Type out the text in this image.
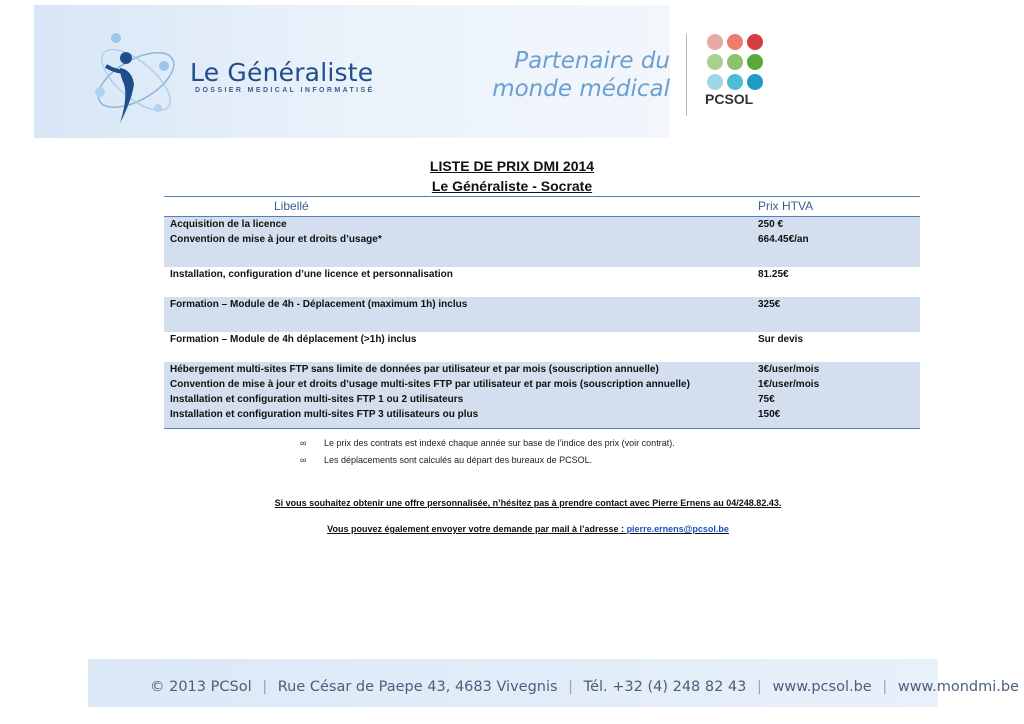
Le Généraliste
DOSSIER MEDICAL INFORMATISÉ
Partenaire du
monde médical	PCSOL
LISTE DE PRIX DMI 2014
Le Généraliste - Socrate
Libellé	Prix HTVA
Acquisition de la licence	250 €
Convention de mise à jour et droits d’usage*	664.45€/an
Installation, configuration d’une licence et personnalisation	81.25€
Formation – Module de 4h - Déplacement (maximum 1h) inclus	325€
Formation – Module de 4h déplacement (>1h) inclus	Sur devis
Hébergement multi-sites FTP sans limite de données par utilisateur et par mois (souscription annuelle)	3€/user/mois
Convention de mise à jour et droits d’usage multi-sites FTP par utilisateur et par mois (souscription annuelle)	1€/user/mois
Installation et configuration multi-sites FTP 1 ou 2 utilisateurs	75€
Installation et configuration multi-sites FTP 3 utilisateurs ou plus	150€
∞ Le prix des contrats est indexé chaque année sur base de l’indice des prix (voir contrat).
∞ Les déplacements sont calculés au départ des bureaux de PCSOL.
Si vous souhaitez obtenir une offre personnalisée, n’hésitez pas à prendre contact avec Pierre Ernens au 04/248.82.43.
Vous pouvez également envoyer votre demande par mail à l’adresse : pierre.ernens@pcsol.be
© 2013 PCSol | Rue César de Paepe 43, 4683 Vivegnis | Tél. +32 (4) 248 82 43 | www.pcsol.be | www.mondmi.be
